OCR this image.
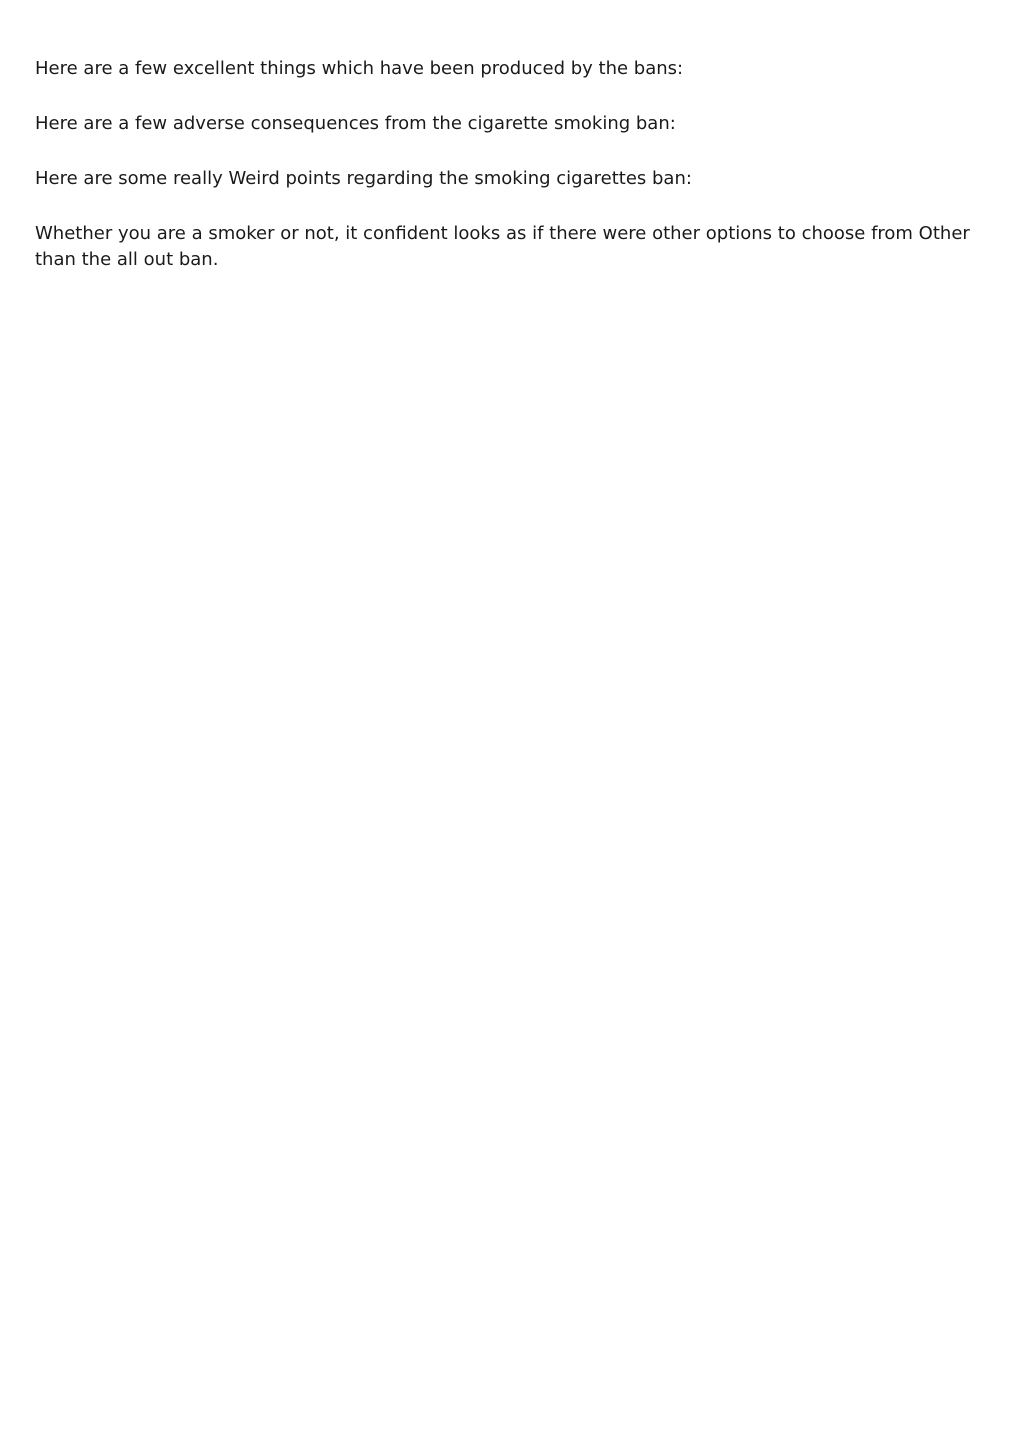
Here are a few excellent things which have been produced by the bans:

Here are a few adverse consequences from the cigarette smoking ban:

Here are some really Weird points regarding the smoking cigarettes ban:

Whether you are a smoker or not, it confident looks as if there were other options to choose from Other than the all out ban.
